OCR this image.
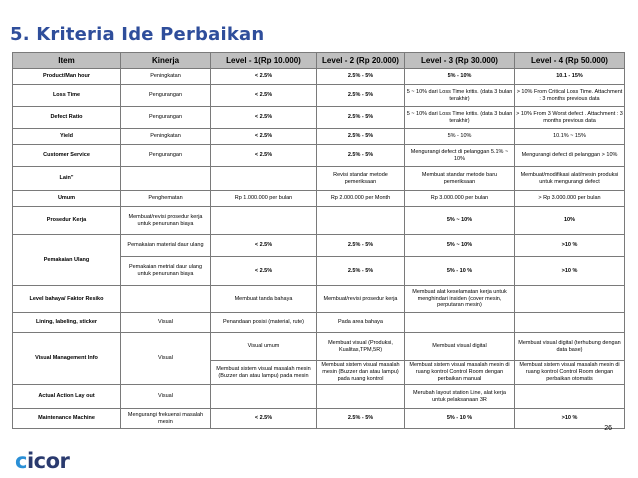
5. Kriteria Ide Perbaikan
Item	Kinerja	Level - 1(Rp 10.000)	Level - 2 (Rp 20.000)	Level - 3 (Rp 30.000)	Level - 4 (Rp 50.000)
Product/Man hour	Peningkatan	< 2.5%	2.5% - 5%	5% - 10%	10.1 - 15%
Loss Time	Pengurangan	< 2.5%	2.5% - 5%	5 ~ 10% dari Loss Time kritis. (data 3 bulan terakhir)	> 10% From Critical Loss Time. Attachment : 3 months previous data
Defect Ratio	Pengurangan	< 2.5%	2.5% - 5%	5 ~ 10% dari Loss Time kritis. (data 3 bulan terakhir)	> 10% From 3 Worst defect . Attachment : 3 months previous data
Yield	Peningkatan	< 2.5%	2.5% - 5%	5% - 10%	10.1% ~ 15%
Customer Service	Pengurangan	< 2.5%	2.5% - 5%	Mengurangi defect di pelanggan 5.1% ~ 10%	Mengurangi defect di pelanggan > 10%
Lain"			Revisi standar metode pemeriksaan	Membuat standar metode baru pemeriksaan	Membuat/modifikasi alat/mesin produksi untuk mengurangi defect
Umum	Penghematan	Rp 1.000.000 per bulan	Rp 2.000.000 per Month	Rp 3.000.000 per bulan	> Rp 3.000.000 per bulan
Prosedur Kerja	Membuat/revisi prosedur kerja untuk penurunan biaya			5% ~ 10%	10%
Pemakaian Ulang	Pemakaian material daur ulang	< 2.5%	2.5% - 5%	5% ~ 10%	>10 %
	Pemakaian metrial daur ulang untuk penurunan biaya	< 2.5%	2.5% - 5%	5% - 10 %	>10 %
Level bahaya/ Faktor Resiko		Membuat tanda bahaya	Membuat/revisi prosedur kerja	Membuat alat keselamatan kerja untuk menghindari insiden (cover mesin, perputaran mesin)	
Lining, labeling, sticker	Visual	Penandaan posisi (material, rute)	Pada area bahaya		
Visual Management Info	Visual	Visual umum	Membuat visual (Produksi, Kualitas,TPM,5R)	Membuat visual digital	Membuat visual digital (terhubung dengan data base)
		Membuat sistem visual masalah mesin (Buzzer dan atau lampu) pada mesin	Membuat sistem visual masalah mesin (Buzzer dan atau lampu) pada ruang kontrol	Membuat sistem visual masalah mesin di ruang kontrol Control Room dengan perbaikan manual	Membuat sistem visual masalah mesin di ruang kontrol Control Room dengan perbaikan otomatis
Actual Action Lay out	Visual			Merubah layout station Line, alat kerja untuk pelaksanaan 3R	
Maintenance Machine	Mengurangi frekuensi masalah mesin	< 2.5%	2.5% - 5%	5% - 10 %	>10 %
26
cicor
